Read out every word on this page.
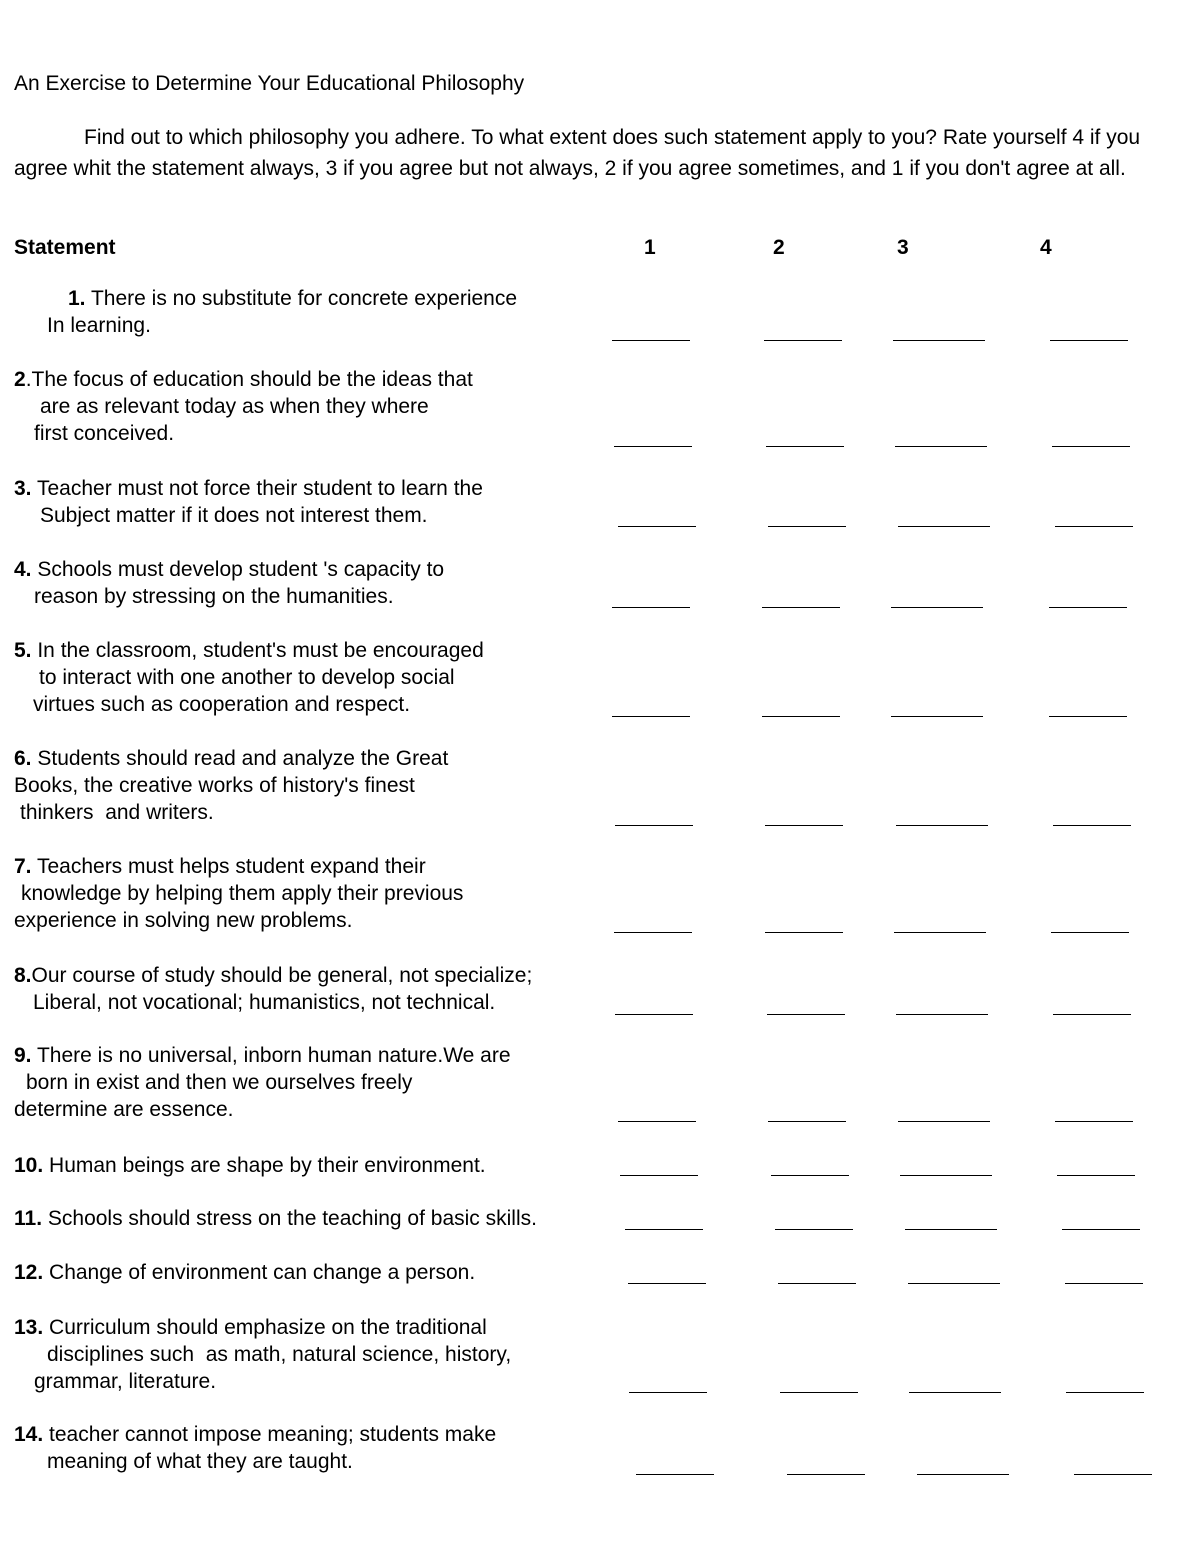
An Exercise to Determine Your Educational Philosophy
Find out to which philosophy you adhere. To what extent does such statement apply to you? Rate yourself 4 if you agree whit the statement always, 3 if you agree but not always, 2 if you agree sometimes, and 1 if you don't agree at all.
Statement	1	2	3	4
1. There is no substitute for concrete experience
In learning.
2.The focus of education should be the ideas that
are as relevant today as when they where
first conceived.
3. Teacher must not force their student to learn the
Subject matter if it does not interest them.
4. Schools must develop student 's capacity to
reason by stressing on the humanities.
5. In the classroom, student's must be encouraged
to interact with one another to develop social
virtues such as cooperation and respect.
6. Students should read and analyze the Great
Books, the creative works of history's finest
thinkers  and writers.
7. Teachers must helps student expand their
knowledge by helping them apply their previous
experience in solving new problems.
8.Our course of study should be general, not specialize;
Liberal, not vocational; humanistics, not technical.
9. There is no universal, inborn human nature.We are
born in exist and then we ourselves freely
determine are essence.
10. Human beings are shape by their environment.
11. Schools should stress on the teaching of basic skills.
12. Change of environment can change a person.
13. Curriculum should emphasize on the traditional
disciplines such  as math, natural science, history,
grammar, literature.
14. teacher cannot impose meaning; students make
meaning of what they are taught.
